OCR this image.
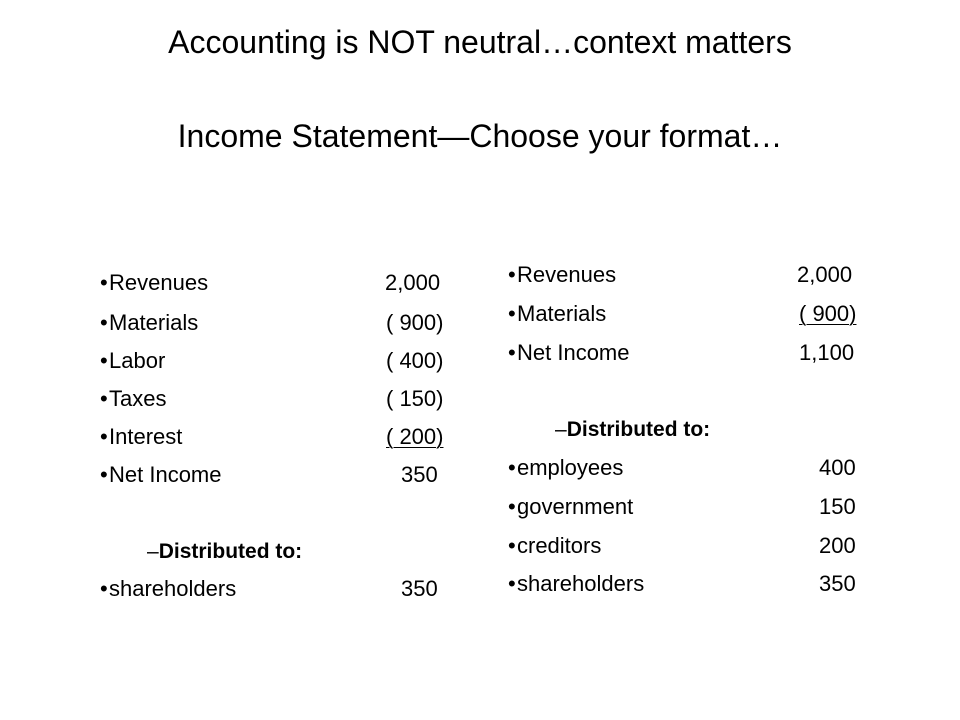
Accounting is NOT neutral…context matters
Income Statement—Choose your format…
• Revenues	2,000
• Materials	( 900)
• Labor	( 400)
• Taxes	( 150)
• Interest	( 200)
• Net Income	350
–Distributed to:
• shareholders	350
• Revenues	2,000
• Materials	( 900)
• Net Income	1,100
–Distributed to:
• employees	400
• government	150
• creditors	200
• shareholders	350
